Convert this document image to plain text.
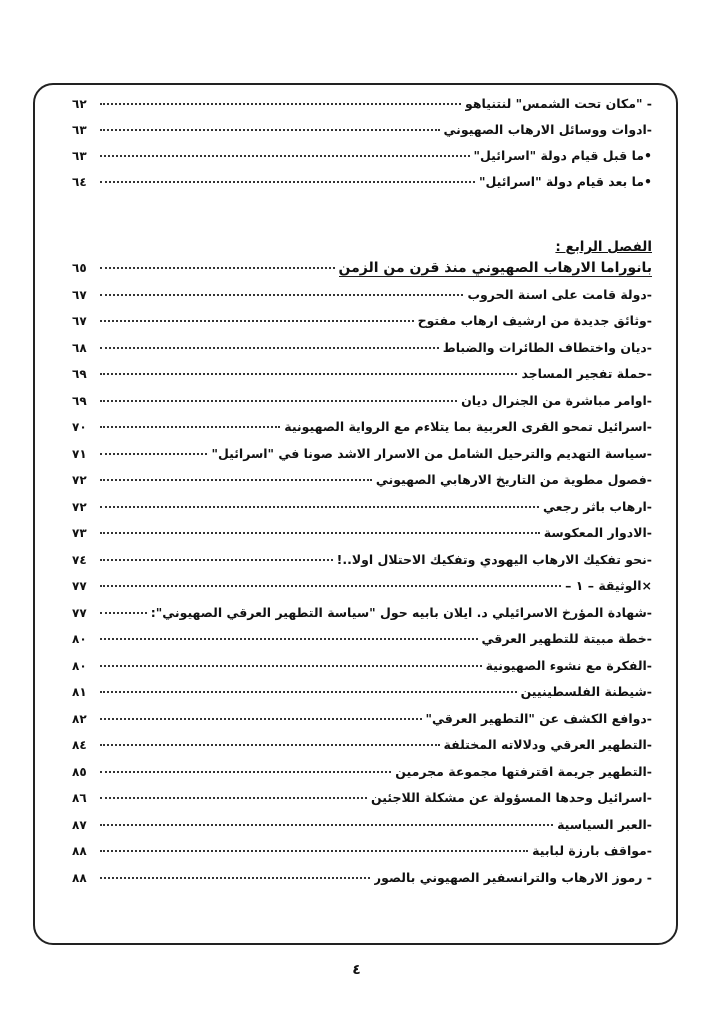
- "مكان تحت الشمس" لنتنياهو
٦٢
-ادوات ووسائل الارهاب الصهيوني
٦٣
•ما قبل قيام دولة "اسرائيل"
٦٣
•ما بعد قيام دولة "اسرائيل"
٦٤
الفصل الرابع :
بانوراما الارهاب الصهيوني منذ قرن من الزمن
٦٥
-دولة قامت على اسنة الحروب
٦٧
-وثائق جديدة من ارشيف ارهاب مفتوح
٦٧
-ديان واختطاف الطائرات والضباط
٦٨
-حملة تفجير المساجد
٦٩
-اوامر مباشرة من الجنرال ديان
٦٩
-اسرائيل تمحو القرى العربية بما يتلاءم مع الرواية الصهيونية
٧٠
-سياسة التهديم والترحيل الشامل من الاسرار الاشد صونا في "اسرائيل"
٧١
-فصول مطوية من التاريخ الارهابي الصهيوني
٧٢
-ارهاب باثر رجعي
٧٢
-الادوار المعكوسة
٧٣
-نحو تفكيك الارهاب اليهودي وتفكيك الاحتلال اولا..!
٧٤
×الوثيقة – ١ –
٧٧
-شهادة المؤرخ الاسرائيلي د. ايلان بابيه حول "سياسة التطهير العرقي الصهيوني":
٧٧
-خطة مبيتة للتطهير العرقي
٨٠
-الفكرة مع نشوء الصهيونية
٨٠
-شيطنة الفلسطينيين
٨١
-دوافع الكشف عن "التطهير العرقي"
٨٢
-التطهير العرقي ودلالاته المختلفة
٨٤
-التطهير جريمة اقترفتها مجموعة مجرمين
٨٥
-اسرائيل وحدها المسؤولة عن مشكلة اللاجئين
٨٦
-العبر السياسية
٨٧
-مواقف بارزة لبابية
٨٨
- رموز الارهاب والترانسفير الصهيوني بالصور
٨٨
٤
